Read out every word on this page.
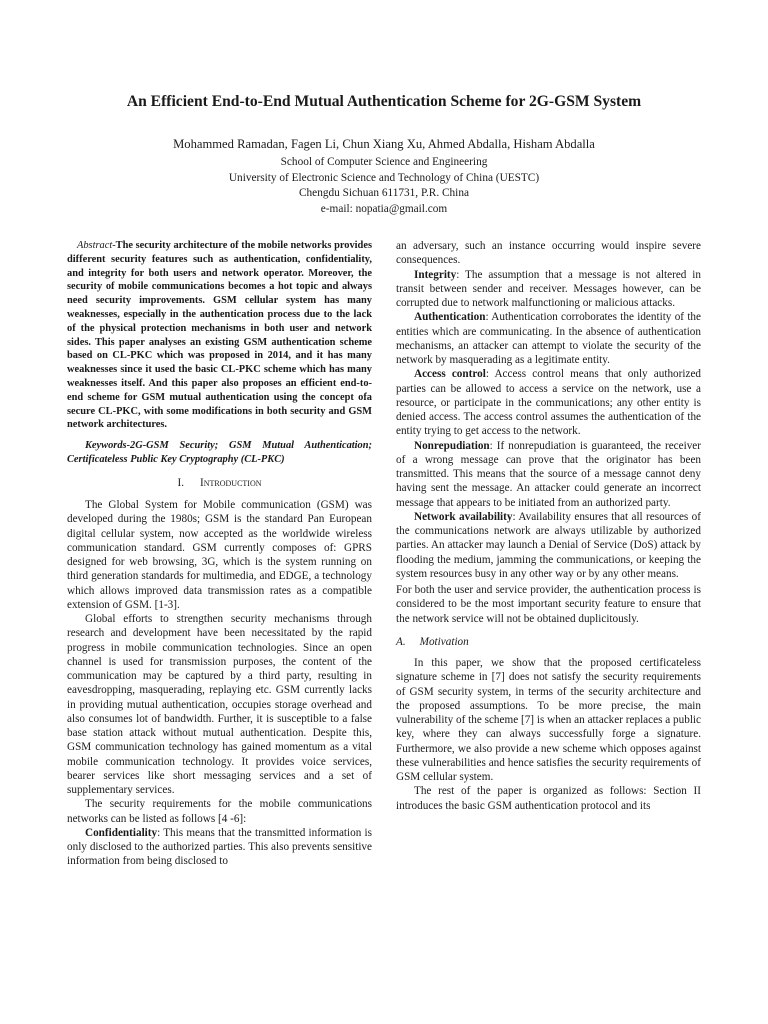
An Efficient End-to-End Mutual Authentication Scheme for 2G-GSM System
Mohammed Ramadan, Fagen Li, Chun Xiang Xu, Ahmed Abdalla, Hisham Abdalla
School of Computer Science and Engineering
University of Electronic Science and Technology of China (UESTC)
Chengdu Sichuan 611731, P.R. China
e-mail: nopatia@gmail.com

Abstract-The security architecture of the mobile networks provides different security features such as authentication, confidentiality, and integrity for both users and network operator. Moreover, the security of mobile communications becomes a hot topic and always need security improvements. GSM cellular system has many weaknesses, especially in the authentication process due to the lack of the physical protection mechanisms in both user and network sides. This paper analyses an existing GSM authentication scheme based on CL-PKC which was proposed in 2014, and it has many weaknesses since it used the basic CL-PKC scheme which has many weaknesses itself. And this paper also proposes an efficient end-to-end scheme for GSM mutual authentication using the concept ofa secure CL-PKC, with some modifications in both security and GSM network architectures.

Keywords-2G-GSM Security; GSM Mutual Authentication; Certificateless Public Key Cryptography (CL-PKC)

I. Introduction

The Global System for Mobile communication (GSM) was developed during the 1980s; GSM is the standard Pan European digital cellular system, now accepted as the worldwide wireless communication standard. GSM currently composes of: GPRS designed for web browsing, 3G, which is the system running on third generation standards for multimedia, and EDGE, a technology which allows improved data transmission rates as a compatible extension of GSM. [1-3].

Global efforts to strengthen security mechanisms through research and development have been necessitated by the rapid progress in mobile communication technologies. Since an open channel is used for transmission purposes, the content of the communication may be captured by a third party, resulting in eavesdropping, masquerading, replaying etc. GSM currently lacks in providing mutual authentication, occupies storage overhead and also consumes lot of bandwidth. Further, it is susceptible to a false base station attack without mutual authentication. Despite this, GSM communication technology has gained momentum as a vital mobile communication technology. It provides voice services, bearer services like short messaging services and a set of supplementary services.

The security requirements for the mobile communications networks can be listed as follows [4 -6]:

Confidentiality: This means that the transmitted information is only disclosed to the authorized parties. This also prevents sensitive information from being disclosed to

an adversary, such an instance occurring would inspire severe consequences.

Integrity: The assumption that a message is not altered in transit between sender and receiver. Messages however, can be corrupted due to network malfunctioning or malicious attacks.

Authentication: Authentication corroborates the identity of the entities which are communicating. In the absence of authentication mechanisms, an attacker can attempt to violate the security of the network by masquerading as a legitimate entity.

Access control: Access control means that only authorized parties can be allowed to access a service on the network, use a resource, or participate in the communications; any other entity is denied access. The access control assumes the authentication of the entity trying to get access to the network.

Nonrepudiation: If nonrepudiation is guaranteed, the receiver of a wrong message can prove that the originator has been transmitted. This means that the source of a message cannot deny having sent the message. An attacker could generate an incorrect message that appears to be initiated from an authorized party.

Network availability: Availability ensures that all resources of the communications network are always utilizable by authorized parties. An attacker may launch a Denial of Service (DoS) attack by flooding the medium, jamming the communications, or keeping the system resources busy in any other way or by any other means.

For both the user and service provider, the authentication process is considered to be the most important security feature to ensure that the network service will not be obtained duplicitously.

A. Motivation

In this paper, we show that the proposed certificateless signature scheme in [7] does not satisfy the security requirements of GSM security system, in terms of the security architecture and the proposed assumptions. To be more precise, the main vulnerability of the scheme [7] is when an attacker replaces a public key, where they can always successfully forge a signature. Furthermore, we also provide a new scheme which opposes against these vulnerabilities and hence satisfies the security requirements of GSM cellular system.

The rest of the paper is organized as follows: Section II introduces the basic GSM authentication protocol and its
